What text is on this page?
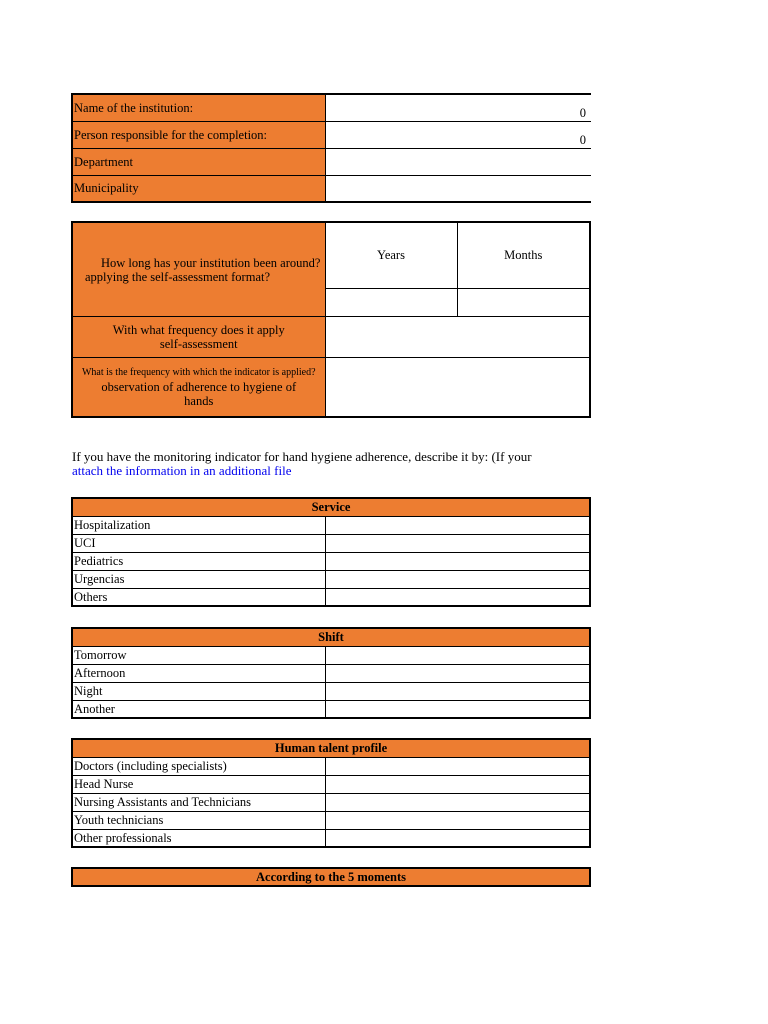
Name of the institution:	0
Person responsible for the completion:	0
Department	
Municipality	
How long has your institution been around?
applying the self-assessment format?	Years	Months

With what frequency does it apply
self-assessment		

What is the frequency with which the indicator is applied?
observation of adherence to hygiene of
hands		

If you have the monitoring indicator for hand hygiene adherence, describe it by: (If your
attach the information in an additional file
Service	
Hospitalization	
UCI	
Pediatrics	
Urgencias	
Others	
Shift	
Tomorrow	
Afternoon	
Night	
Another	
Human talent profile	
Doctors (including specialists)	
Head Nurse	
Nursing Assistants and Technicians	
Youth technicians	
Other professionals	
According to the 5 moments
